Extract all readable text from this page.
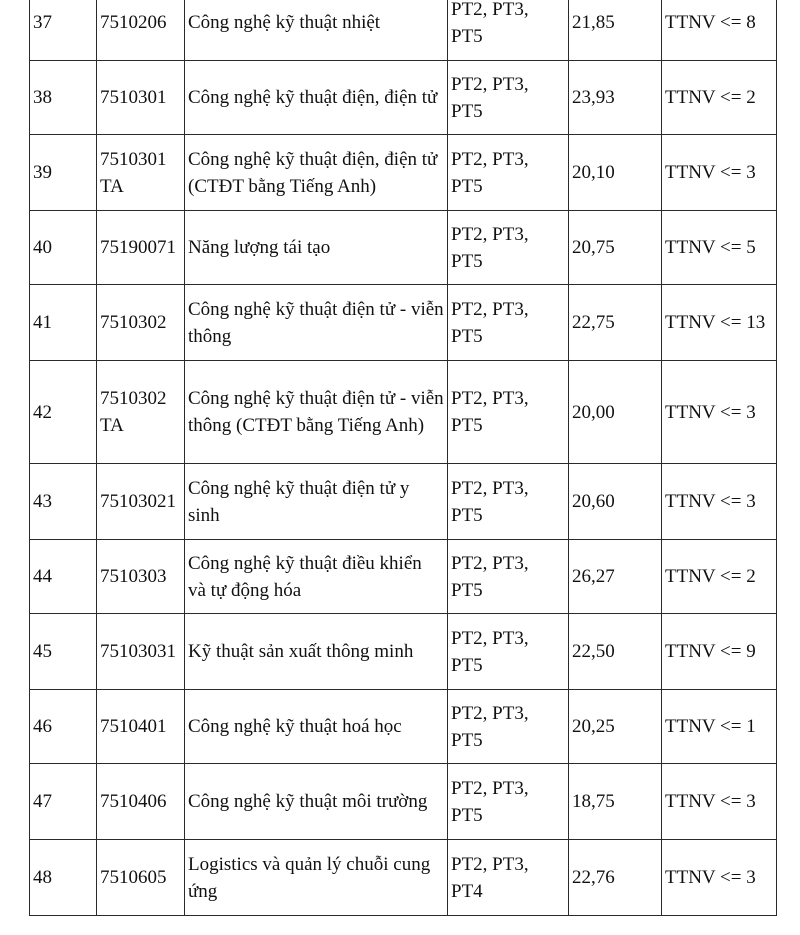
37	7510206	Công nghệ kỹ thuật nhiệt	PT2, PT3, PT5	21,85	TTNV <= 8
38	7510301	Công nghệ kỹ thuật điện, điện tử	PT2, PT3, PT5	23,93	TTNV <= 2
39	7510301 TA	Công nghệ kỹ thuật điện, điện tử (CTĐT bằng Tiếng Anh)	PT2, PT3, PT5	20,10	TTNV <= 3
40	75190071	Năng lượng tái tạo	PT2, PT3, PT5	20,75	TTNV <= 5
41	7510302	Công nghệ kỹ thuật điện tử - viễn thông	PT2, PT3, PT5	22,75	TTNV <= 13
42	7510302 TA	Công nghệ kỹ thuật điện tử - viễn thông (CTĐT bằng Tiếng Anh)	PT2, PT3, PT5	20,00	TTNV <= 3
43	75103021	Công nghệ kỹ thuật điện tử y sinh	PT2, PT3, PT5	20,60	TTNV <= 3
44	7510303	Công nghệ kỹ thuật điều khiển và tự động hóa	PT2, PT3, PT5	26,27	TTNV <= 2
45	75103031	Kỹ thuật sản xuất thông minh	PT2, PT3, PT5	22,50	TTNV <= 9
46	7510401	Công nghệ kỹ thuật hoá học	PT2, PT3, PT5	20,25	TTNV <= 1
47	7510406	Công nghệ kỹ thuật môi trường	PT2, PT3, PT5	18,75	TTNV <= 3
48	7510605	Logistics và quản lý chuỗi cung ứng	PT2, PT3, PT4	22,76	TTNV <= 3
